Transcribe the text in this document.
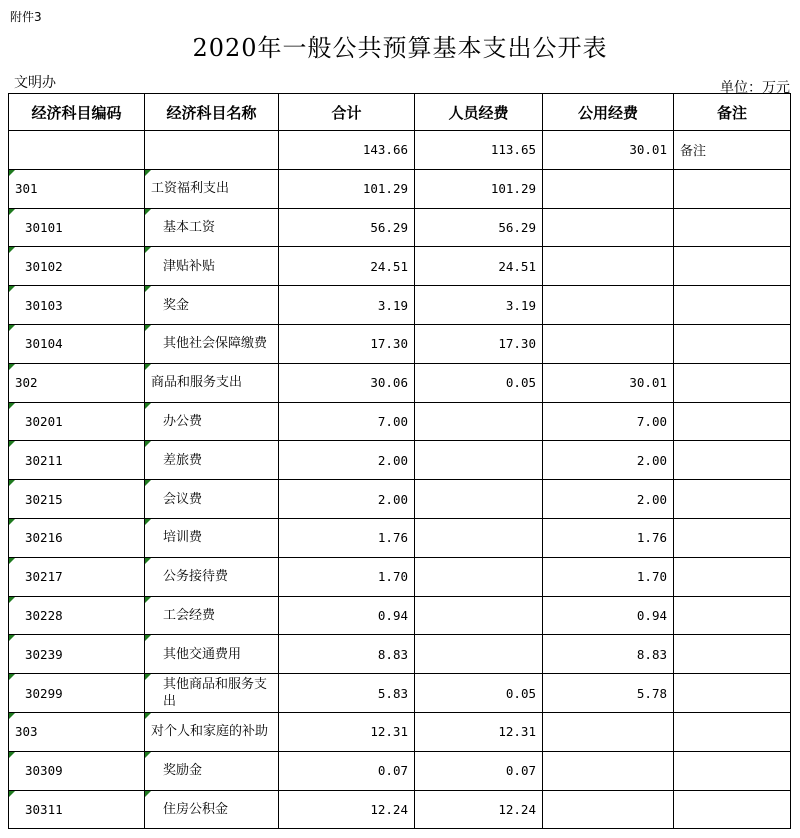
附件3
2020年一般公共预算基本支出公开表
文明办	单位：万元
经济科目编码	经济科目名称	合计	人员经费	公用经费	备注
		143.66	113.65	30.01	备注

301	工资福利支出	101.29	101.29		

30101	基本工资	56.29	56.29		

30102	津贴补贴	24.51	24.51		

30103	奖金	3.19	3.19		

30104	其他社会保障缴费	17.30	17.30		

302	商品和服务支出	30.06	0.05	30.01	

30201	办公费	7.00		7.00	

30211	差旅费	2.00		2.00	

30215	会议费	2.00		2.00	

30216	培训费	1.76		1.76	

30217	公务接待费	1.70		1.70	

30228	工会经费	0.94		0.94	

30239	其他交通费用	8.83		8.83	

30299	其他商品和服务支出	5.83	0.05	5.78	

303	对个人和家庭的补助	12.31	12.31		

30309	奖励金	0.07	0.07		

30311	住房公积金	12.24	12.24		
